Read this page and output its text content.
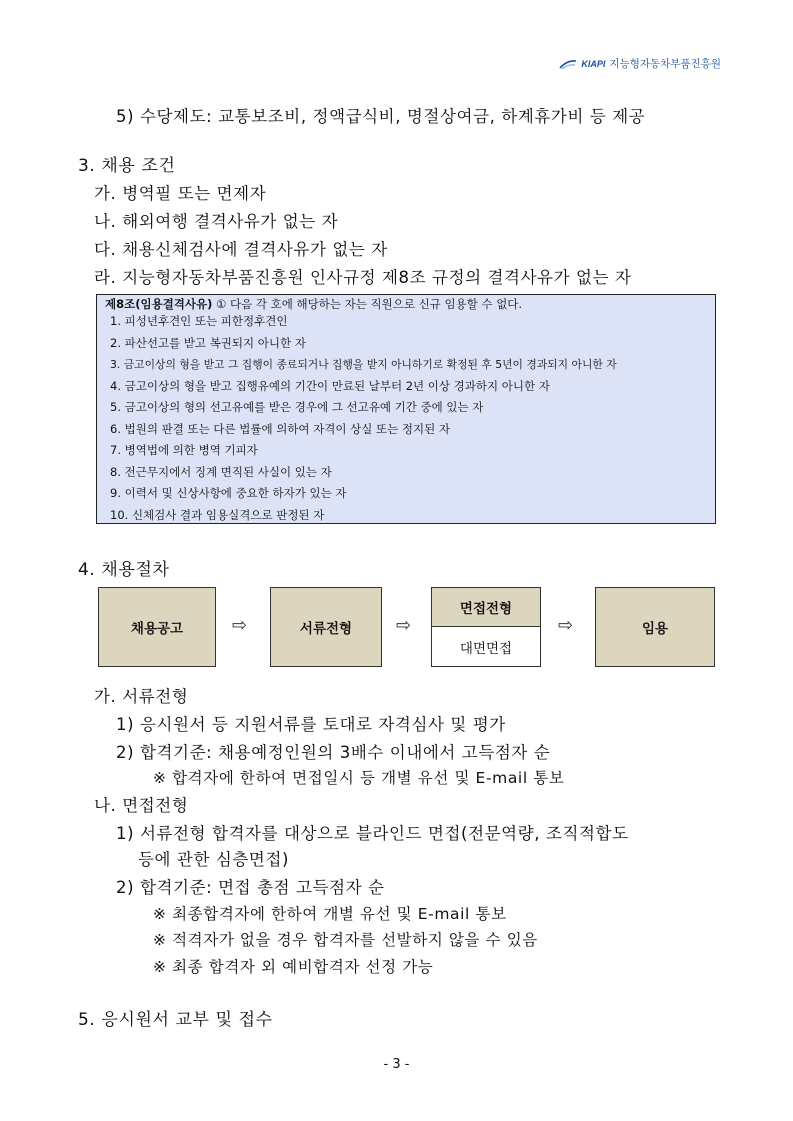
KIAPI 지능형자동차부품진흥원
5) 수당제도: 교통보조비, 정액급식비, 명절상여금, 하계휴가비 등 제공
3. 채용 조건
가. 병역필 또는 면제자
나. 해외여행 결격사유가 없는 자
다. 채용신체검사에 결격사유가 없는 자
라. 지능형자동차부품진흥원 인사규정 제8조 규정의 결격사유가 없는 자
제8조(임용결격사유) ① 다음 각 호에 해당하는 자는 직원으로 신규 임용할 수 없다.
1. 피성년후견인 또는 피한정후견인
2. 파산선고를 받고 복권되지 아니한 자
3. 금고이상의 형을 받고 그 집행이 종료되거나 집행을 받지 아니하기로 확정된 후 5년이 경과되지 아니한 자
4. 금고이상의 형을 받고 집행유예의 기간이 만료된 날부터 2년 이상 경과하지 아니한 자
5. 금고이상의 형의 선고유예를 받은 경우에 그 선고유예 기간 중에 있는 자
6. 법원의 판결 또는 다른 법률에 의하여 자격이 상실 또는 정지된 자
7. 병역법에 의한 병역 기피자
8. 전근무지에서 징계 면직된 사실이 있는 자
9. 이력서 및 신상사항에 중요한 하자가 있는 자
10. 신체검사 결과 임용실격으로 판정된 자
4. 채용절차
채용공고	⇨	서류전형 ⇨
면접전형
대면면접
⇨	임용
가. 서류전형
1) 응시원서 등 지원서류를 토대로 자격심사 및 평가
2) 합격기준: 채용예정인원의 3배수 이내에서 고득점자 순
※ 합격자에 한하여 면접일시 등 개별 유선 및 E-mail 통보
나. 면접전형
1) 서류전형 합격자를 대상으로 블라인드 면접(전문역량, 조직적합도
등에 관한 심층면접)
2) 합격기준: 면접 총점 고득점자 순
※ 최종합격자에 한하여 개별 유선 및 E-mail 통보
※ 적격자가 없을 경우 합격자를 선발하지 않을 수 있음
※ 최종 합격자 외 예비합격자 선정 가능
5. 응시원서 교부 및 접수
- 3 -
